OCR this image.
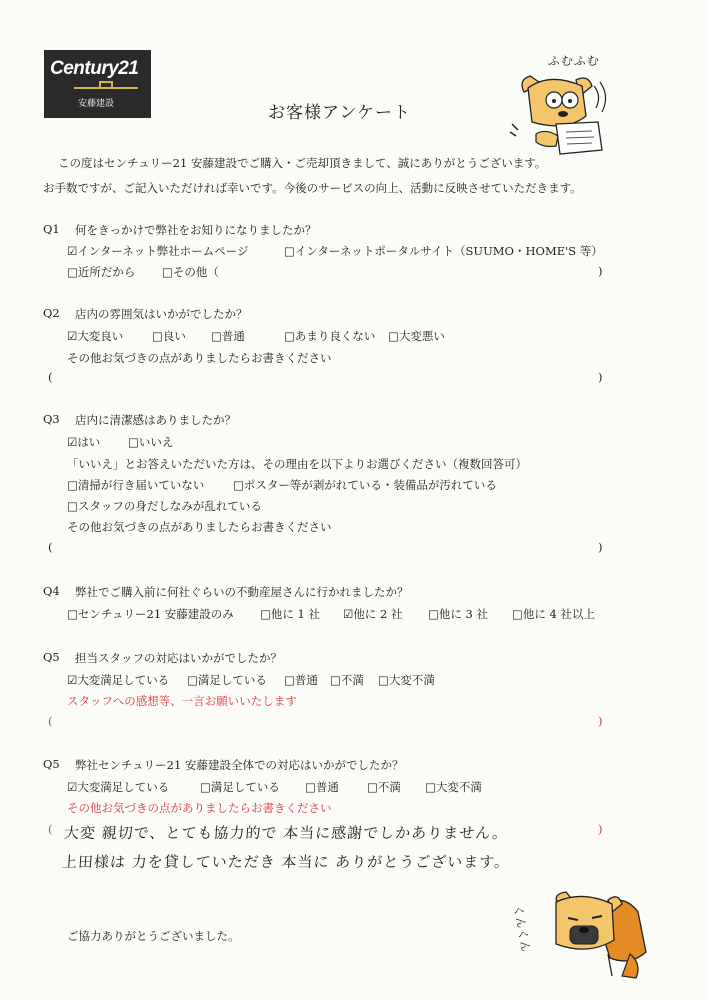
Century21
安藤建設
ふむふむ
お客様アンケート
この度はセンチュリー21 安藤建設でご購入・ご売却頂きまして、誠にありがとうございます。
お手数ですが、ご記入いただければ幸いです。今後のサービスの向上、活動に反映させていただきます。
Q1 何をきっかけで弊社をお知りになりましたか？
☑インターネット弊社ホームページ	□インターネットポータルサイト（SUUMO・HOME'S 等）
□近所だから □その他（	)
Q2 店内の雰囲気はいかがでしたか？
☑大変良い □良い □普通	□あまり良くない □大変悪い
その他お気づきの点がありましたらお書きください
(	)
Q3 店内に清潔感はありましたか？
☑はい □いいえ
「いいえ」とお答えいただいた方は、その理由を以下よりお選びください（複数回答可）
□清掃が行き届いていない □ポスター等が剥がれている・装備品が汚れている
□スタッフの身だしなみが乱れている
その他お気づきの点がありましたらお書きください
(	)
Q4 弊社でご購入前に何社ぐらいの不動産屋さんに行かれましたか？
□センチュリー21 安藤建設のみ □他に 1 社 ☑他に 2 社 □他に 3 社 □他に 4 社以上
Q5 担当スタッフの対応はいかがでしたか？
☑大変満足している □満足している □普通 □不満 □大変不満
スタッフへの感想等、一言お願いいたします
(	)
Q5 弊社センチュリー21 安藤建設全体での対応はいかがでしたか？
☑大変満足している	□満足している □普通 □不満 □大変不満
その他お気づきの点がありましたらお書きください
(	)
大変 親切で、とても協力的で 本当に感謝でしかありません。
上田様は 力を貸していただき 本当に ありがとうございます。
ご協力ありがとうございました。	くんくん
